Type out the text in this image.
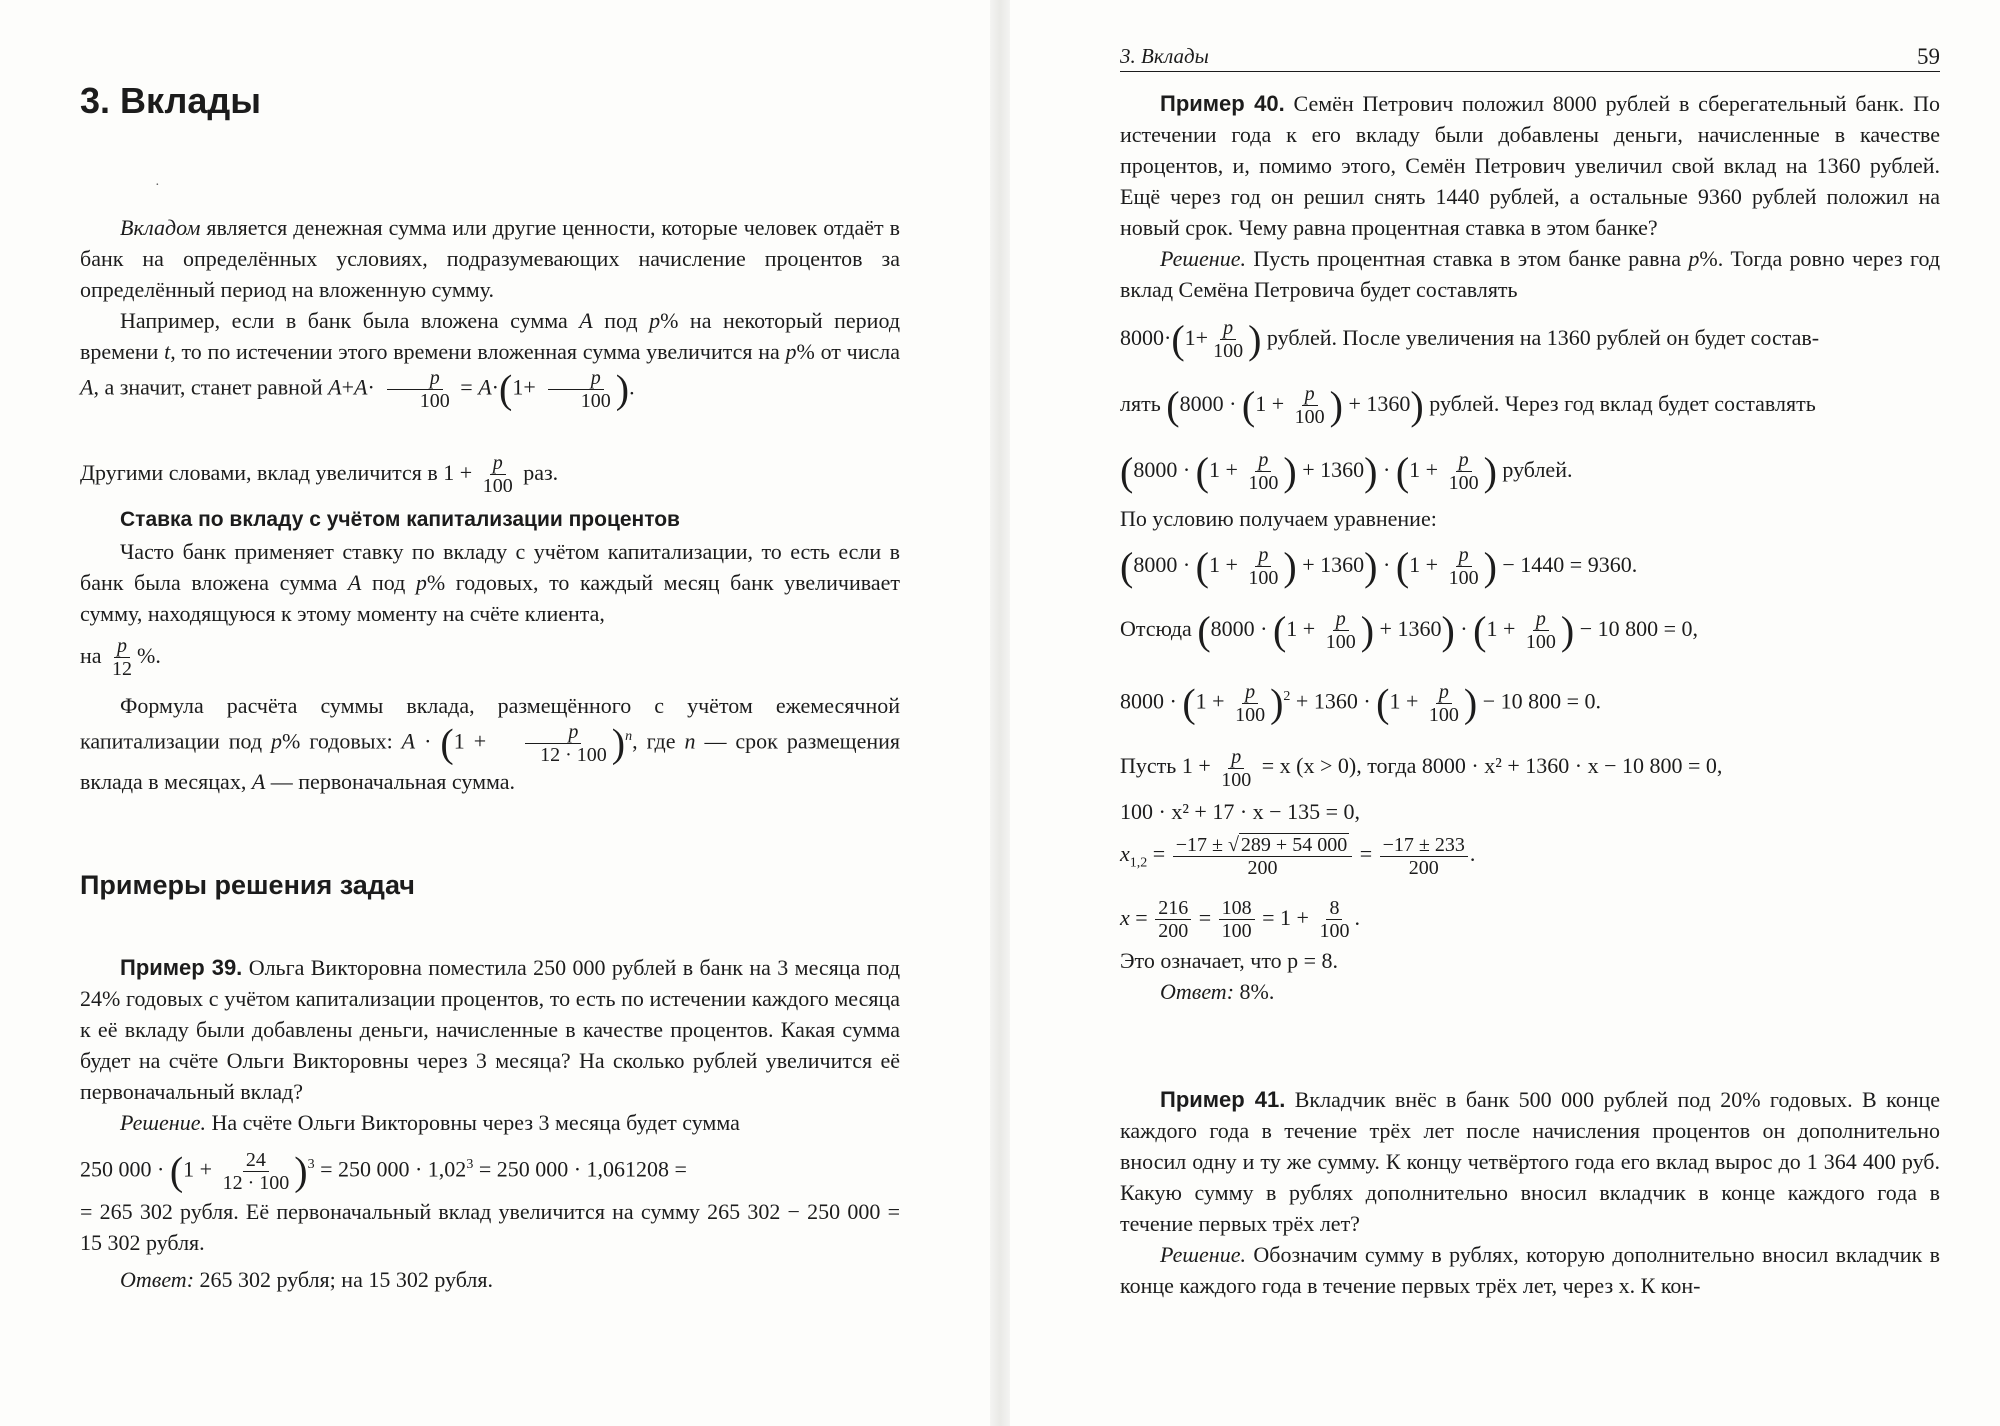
3. Вклады
·

Вкладом является денежная сумма или другие ценности, которые человек отдаёт в банк на определённых условиях, подразумевающих начисление процентов за определённый период на вложенную сумму.

Например, если в банк была вложена сумма A под p% на некоторый период времени t, то по истечении этого времени вложенная сумма увеличится на p% от числа A, а значит, станет равной $A+A\cdot \frac{p}{100} = A\cdot(1+ \frac{p}{100}$ ).

Другими словами, вклад увеличится в $1 + \frac{p}{100}$ раз.

Ставка по вкладу с учётом капитализации процентов

Часто банк применяет ставку по вкладу с учётом капитализации, то есть если в банк была вложена сумма A под p% годовых, то каждый месяц банк увеличивает сумму, находящуюся к этому моменту на счёте клиента,

на $\frac{p}{12}$ %.

Формула расчёта суммы вклада, размещённого с учётом ежемесячной капитализации под p% годовых: $A \cdot (1 + \frac{p}{12 \cdot 100} )^n$, где n — срок размещения вклада в месяцах, A — первоначальная сумма.

Примеры решения задач

Пример 39. Ольга Викторовна поместила 250 000 рублей в банк на 3 месяца под 24% годовых с учётом капитализации процентов, то есть по истечении каждого месяца к её вкладу были добавлены деньги, начисленные в качестве процентов. Какая сумма будет на счёте Ольги Викторовны через 3 месяца? На сколько рублей увеличится её первоначальный вклад?

Решение. На счёте Ольги Викторовны через 3 месяца будет сумма

250 $000 \cdot (1 + \frac{24}{12 \cdot 100} )^3 = 250$ $000 \cdot 1,02^3 = 250$ 000 · 1,061208 =

= 265 302 рубля. Её первоначальный вклад увеличится на сумму 265 302 − 250 000 = 15 302 рубля.

Ответ: 265 302 рубля; на 15 302 рубля.

3. Вклады	59

Пример 40. Семён Петрович положил 8000 рублей в сберегательный банк. По истечении года к его вкладу были добавлены деньги, начисленные в качестве процентов, и, помимо этого, Семён Петрович увеличил свой вклад на 1360 рублей. Ещё через год он решил снять 1440 рублей, а остальные 9360 рублей положил на новый срок. Чему равна процентная ставка в этом банке?

Решение. Пусть процентная ставка в этом банке равна p%. Тогда ровно через год вклад Семёна Петровича будет составлять

$8000\cdot(1+ \frac{p}{100}$ ) рублей. После увеличения на 1360 рублей он будет состав-

лять ($8000 \cdot (1 + \frac{p}{100}$ ) + 1360) рублей. Через год вклад будет составлять

($8000 \cdot (1 + \frac{p}{100}$ ) + $1360) \cdot (1 + \frac{p}{100}$ ) рублей.

По условию получаем уравнение:

($8000 \cdot (1 + \frac{p}{100}$ ) + $1360) \cdot (1 + \frac{p}{100}$ ) − 1440 = 9360.

Отсюда ($8000 \cdot (1 + \frac{p}{100}$ ) + $1360) \cdot (1 + \frac{p}{100}$ ) − 10 800 = 0,

$8000 \cdot (1 + \frac{p}{100} )^2 + 1360 \cdot (1 + \frac{p}{100}$ ) − 10 800 = 0.

Пусть $1 + \frac{p}{100} = x$ (x > 0), тогда 8000 · x² + 1360 · x − 10 800 = 0,

100 · x² + 17 · x − 135 = 0,

$x_{1,2} = \frac{-17 \pm √ 289 + 54 000}{200} = \frac{-17 \pm 233}{200}$ .

$x = \frac{216}{200} = \frac{108}{100} = 1 + \frac{8}{100}$ .

Это означает, что p = 8.

Ответ: 8%.

Пример 41. Вкладчик внёс в банк 500 000 рублей под 20% годовых. В конце каждого года в течение трёх лет после начисления процентов он дополнительно вносил одну и ту же сумму. К концу четвёртого года его вклад вырос до 1 364 400 руб. Какую сумму в рублях дополнительно вносил вкладчик в конце каждого года в течение первых трёх лет?

Решение. Обозначим сумму в рублях, которую дополнительно вносил вкладчик в конце каждого года в течение первых трёх лет, через x. К кон-
